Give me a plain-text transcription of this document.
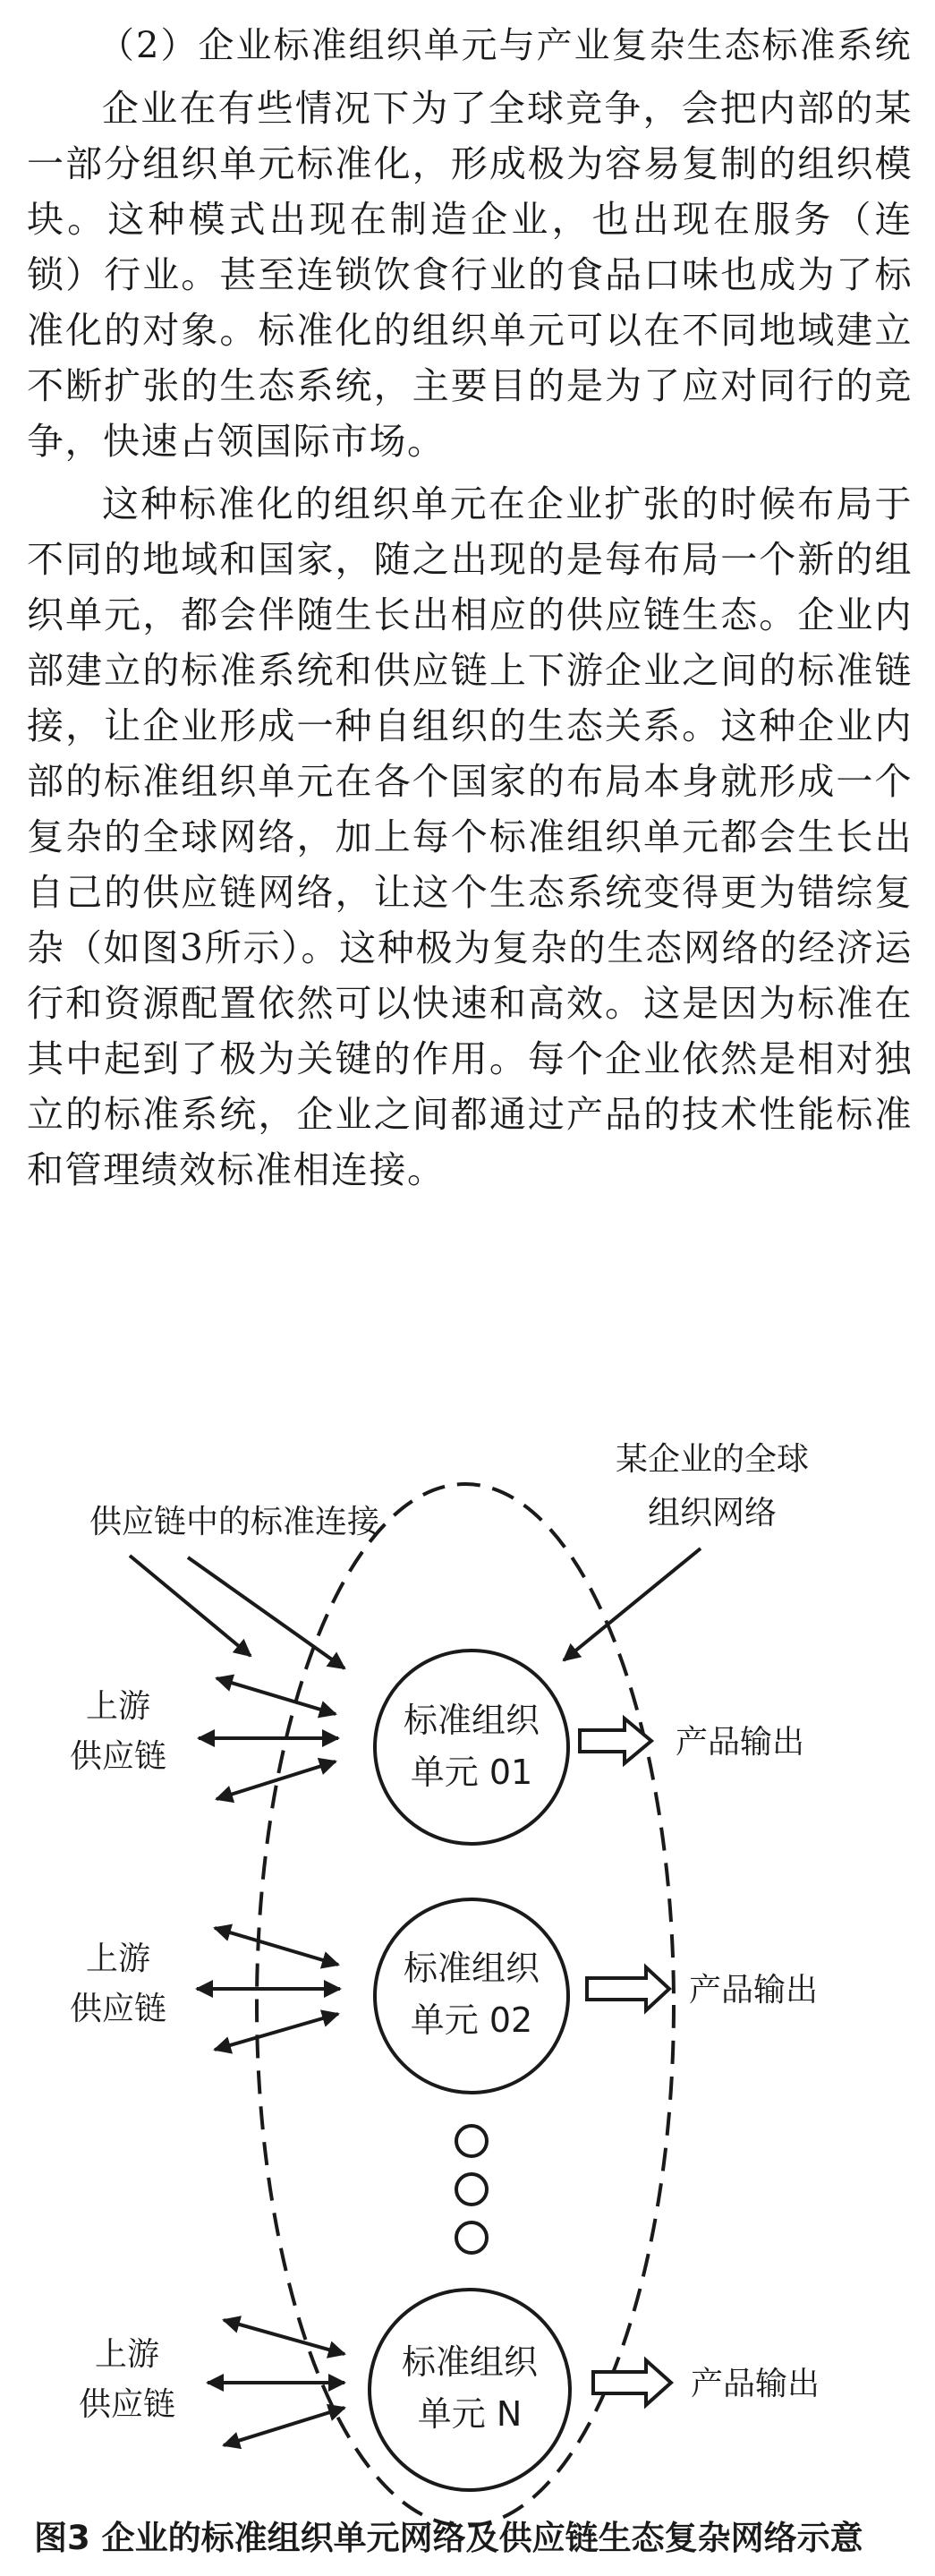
（2）企业标准组织单元与产业复杂生态标准系统

企业在有些情况下为了全球竞争，会把内部的某一部分组织单元标准化，形成极为容易复制的组织模块。这种模式出现在制造企业，也出现在服务（连锁）行业。甚至连锁饮食行业的食品口味也成为了标准化的对象。标准化的组织单元可以在不同地域建立不断扩张的生态系统，主要目的是为了应对同行的竞争，快速占领国际市场。

这种标准化的组织单元在企业扩张的时候布局于不同的地域和国家，随之出现的是每布局一个新的组织单元，都会伴随生长出相应的供应链生态。企业内部建立的标准系统和供应链上下游企业之间的标准链接，让企业形成一种自组织的生态关系。这种企业内部的标准组织单元在各个国家的布局本身就形成一个复杂的全球网络，加上每个标准组织单元都会生长出自己的供应链网络，让这个生态系统变得更为错综复杂（如图3所示）。这种极为复杂的生态网络的经济运行和资源配置依然可以快速和高效。这是因为标准在其中起到了极为关键的作用。每个企业依然是相对独立的标准系统，企业之间都通过产品的技术性能标准和管理绩效标准相连接。

供应链中的标准连接
某企业的全球
组织网络
标准组织
单元 01
上游
供应链	产品输出
标准组织
单元 02
上游
供应链
产品输出
标准组织
单元 N
上游
供应链
产品输出
图3 企业的标准组织单元网络及供应链生态复杂网络示意
